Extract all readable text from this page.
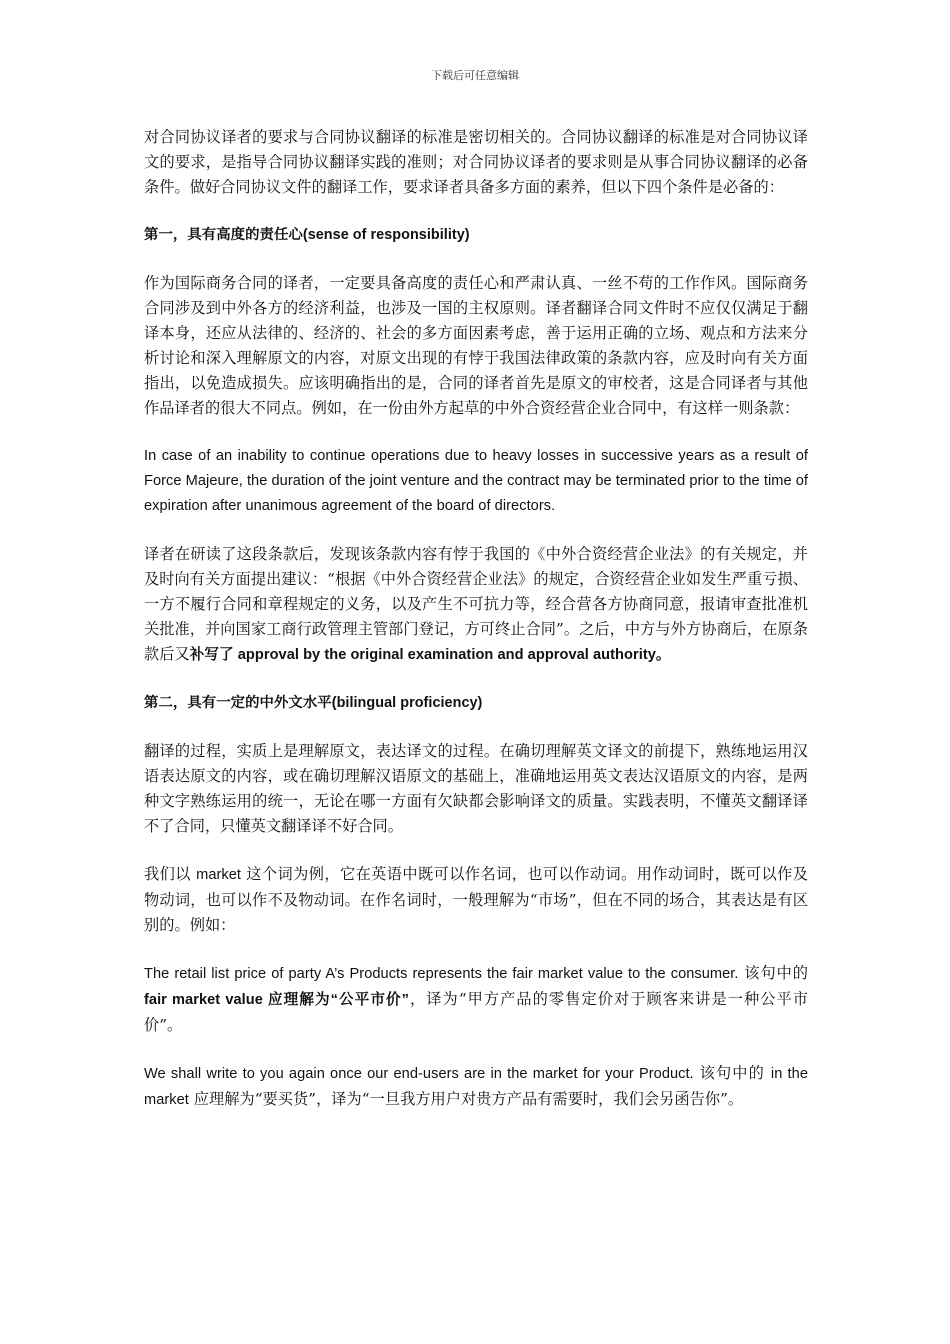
下载后可任意编辑

对合同协议译者的要求与合同协议翻译的标准是密切相关的。合同协议翻译的标准是对合同协议译文的要求，是指导合同协议翻译实践的准则；对合同协议译者的要求则是从事合同协议翻译的必备条件。做好合同协议文件的翻译工作，要求译者具备多方面的素养，但以下四个条件是必备的：

第一，具有高度的责任心(sense of responsibility)

作为国际商务合同的译者，一定要具备高度的责任心和严肃认真、一丝不苟的工作作风。国际商务合同涉及到中外各方的经济利益，也涉及一国的主权原则。译者翻译合同文件时不应仅仅满足于翻译本身，还应从法律的、经济的、社会的多方面因素考虑，善于运用正确的立场、观点和方法来分析讨论和深入理解原文的内容，对原文出现的有悖于我国法律政策的条款内容，应及时向有关方面指出，以免造成损失。应该明确指出的是，合同的译者首先是原文的审校者，这是合同译者与其他作品译者的很大不同点。例如，在一份由外方起草的中外合资经营企业合同中，有这样一则条款：

In case of an inability to continue operations due to heavy losses in successive years as a result of Force Majeure, the duration of the joint venture and the contract may be terminated prior to the time of expiration after unanimous agreement of the board of directors.

译者在研读了这段条款后，发现该条款内容有悖于我国的《中外合资经营企业法》的有关规定，并及时向有关方面提出建议：“根据《中外合资经营企业法》的规定，合资经营企业如发生严重亏损、一方不履行合同和章程规定的义务，以及产生不可抗力等，经合营各方协商同意，报请审查批准机关批准，并向国家工商行政管理主管部门登记，方可终止合同”。之后，中方与外方协商后，在原条款后又补写了 approval by the original examination and approval authority。

第二，具有一定的中外文水平(bilingual proficiency)

翻译的过程，实质上是理解原文，表达译文的过程。在确切理解英文译文的前提下，熟练地运用汉语表达原文的内容，或在确切理解汉语原文的基础上，准确地运用英文表达汉语原文的内容，是两种文字熟练运用的统一，无论在哪一方面有欠缺都会影响译文的质量。实践表明，不懂英文翻译译不了合同，只懂英文翻译译不好合同。

我们以 market 这个词为例，它在英语中既可以作名词，也可以作动词。用作动词时，既可以作及物动词，也可以作不及物动词。在作名词时，一般理解为“市场”，但在不同的场合，其表达是有区别的。例如：

The retail list price of party A’s Products represents the fair market value to the consumer. 该句中的 fair market value 应理解为“公平市价”，译为“甲方产品的零售定价对于顾客来讲是一种公平市价”。

We shall write to you again once our end-users are in the market for your Product. 该句中的 in the market 应理解为“要买货”，译为“一旦我方用户对贵方产品有需要时，我们会另函告你”。
